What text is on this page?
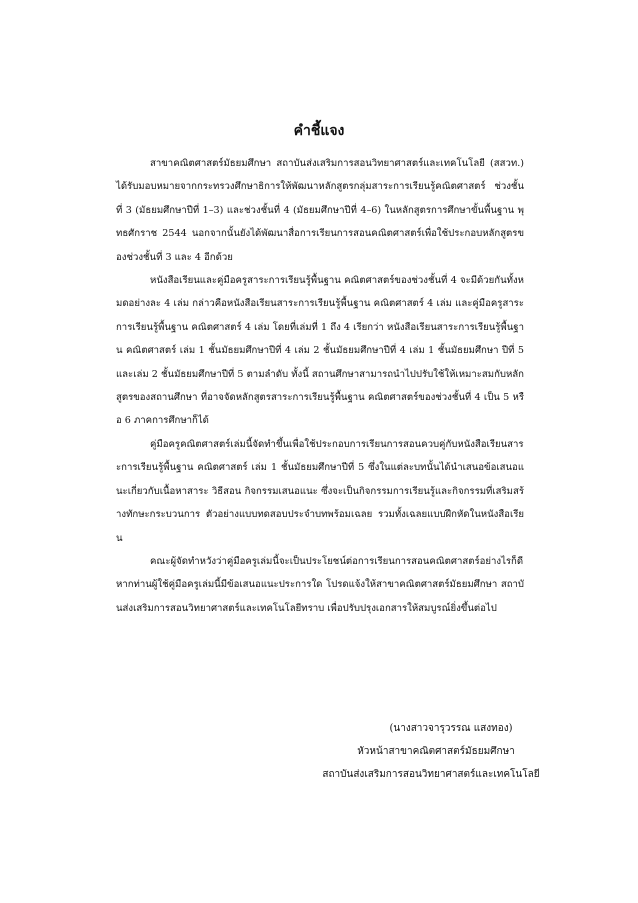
คำชี้แจง

สาขาคณิตศาสตร์มัธยมศึกษา สถาบันส่งเสริมการสอนวิทยาศาสตร์และเทคโนโลยี (สสวท.) ได้รับมอบหมายจากกระทรวงศึกษาธิการให้พัฒนาหลักสูตรกลุ่มสาระการเรียนรู้คณิตศาสตร์ ช่วงชั้นที่ 3 (มัธยมศึกษาปีที่ 1–3) และช่วงชั้นที่ 4 (มัธยมศึกษาปีที่ 4–6) ในหลักสูตรการศึกษาขั้นพื้นฐาน พุทธศักราช 2544 นอกจากนั้นยังได้พัฒนาสื่อการเรียนการสอนคณิตศาสตร์เพื่อใช้ประกอบหลักสูตรของช่วงชั้นที่ 3 และ 4 อีกด้วย

หนังสือเรียนและคู่มือครูสาระการเรียนรู้พื้นฐาน คณิตศาสตร์ของช่วงชั้นที่ 4 จะมีด้วยกันทั้งหมดอย่างละ 4 เล่ม กล่าวคือหนังสือเรียนสาระการเรียนรู้พื้นฐาน คณิตศาสตร์ 4 เล่ม และคู่มือครูสาระการเรียนรู้พื้นฐาน คณิตศาสตร์ 4 เล่ม โดยที่เล่มที่ 1 ถึง 4 เรียกว่า หนังสือเรียนสาระการเรียนรู้พื้นฐาน คณิตศาสตร์ เล่ม 1 ชั้นมัธยมศึกษาปีที่ 4 เล่ม 2 ชั้นมัธยมศึกษาปีที่ 4 เล่ม 1 ชั้นมัธยมศึกษา ปีที่ 5 และเล่ม 2 ชั้นมัธยมศึกษาปีที่ 5 ตามลำดับ ทั้งนี้ สถานศึกษาสามารถนำไปปรับใช้ให้เหมาะสมกับหลักสูตรของสถานศึกษา ที่อาจจัดหลักสูตรสาระการเรียนรู้พื้นฐาน คณิตศาสตร์ของช่วงชั้นที่ 4 เป็น 5 หรือ 6 ภาคการศึกษาก็ได้

คู่มือครูคณิตศาสตร์เล่มนี้จัดทำขึ้นเพื่อใช้ประกอบการเรียนการสอนควบคู่กับหนังสือเรียนสาระการเรียนรู้พื้นฐาน คณิตศาสตร์ เล่ม 1 ชั้นมัธยมศึกษาปีที่ 5 ซึ่งในแต่ละบทนั้นได้นำเสนอข้อเสนอแนะเกี่ยวกับเนื้อหาสาระ วิธีสอน กิจกรรมเสนอแนะ ซึ่งจะเป็นกิจกรรมการเรียนรู้และกิจกรรมที่เสริมสร้างทักษะกระบวนการ ตัวอย่างแบบทดสอบประจำบทพร้อมเฉลย รวมทั้งเฉลยแบบฝึกหัดในหนังสือเรียน

คณะผู้จัดทำหวังว่าคู่มือครูเล่มนี้จะเป็นประโยชน์ต่อการเรียนการสอนคณิตศาสตร์อย่างไรก็ดีหากท่านผู้ใช้คู่มือครูเล่มนี้มีข้อเสนอแนะประการใด โปรดแจ้งให้สาขาคณิตศาสตร์มัธยมศึกษา สถาบันส่งเสริมการสอนวิทยาศาสตร์และเทคโนโลยีทราบ เพื่อปรับปรุงเอกสารให้สมบูรณ์ยิ่งขึ้นต่อไป

(นางสาวจารุวรรณ แสงทอง)
หัวหน้าสาขาคณิตศาสตร์มัธยมศึกษา
สถาบันส่งเสริมการสอนวิทยาศาสตร์และเทคโนโลยี
